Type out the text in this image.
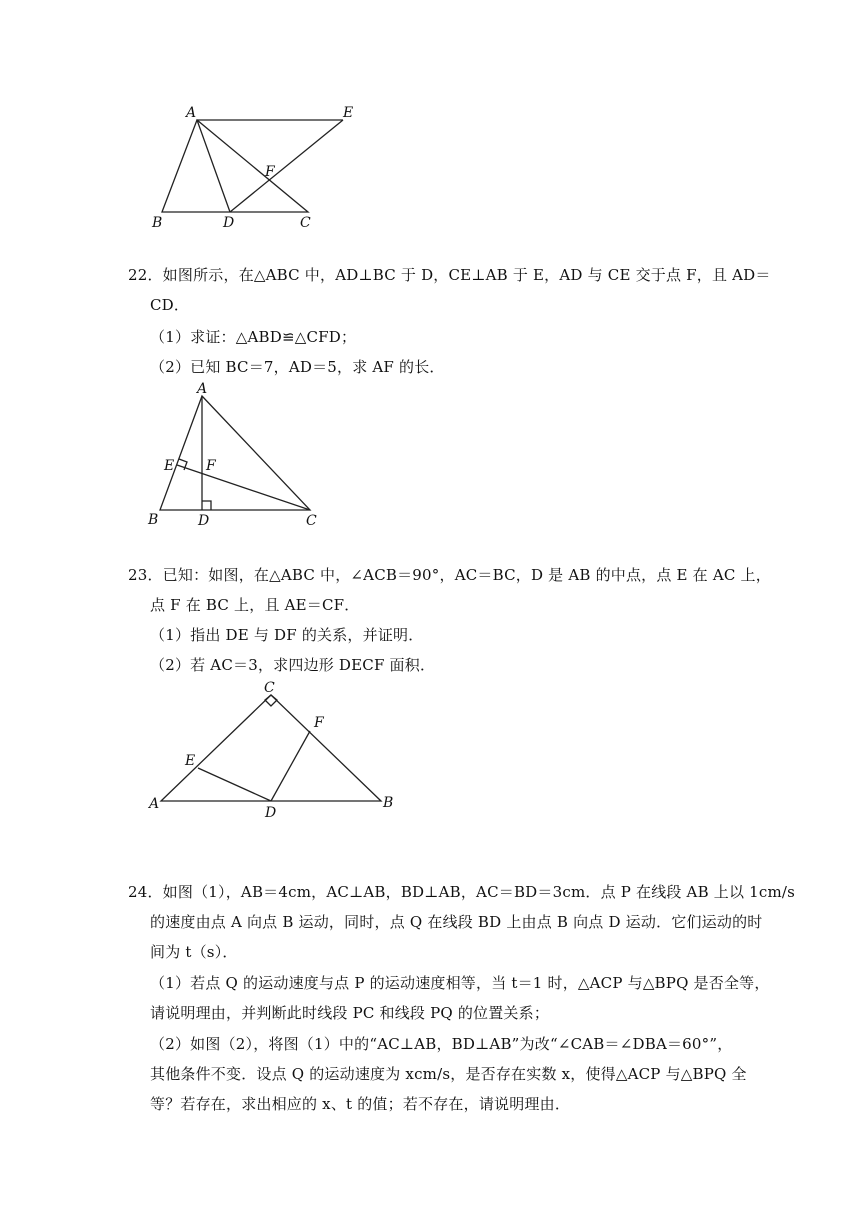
A	E
F
B	D	C
22．如图所示，在△ABC 中，AD⊥BC 于 D，CE⊥AB 于 E，AD 与 CE 交于点 F，且 AD＝
CD．
（1）求证：△ABD≌△CFD；
（2）已知 BC＝7，AD＝5，求 AF 的长．
A
E F
B	D	C
23．已知：如图，在△ABC 中，∠ACB＝90°，AC＝BC，D 是 AB 的中点，点 E 在 AC 上，
点 F 在 BC 上，且 AE＝CF．
（1）指出 DE 与 DF 的关系，并证明．
（2）若 AC＝3，求四边形 DECF 面积．
C
F
E
A
D
B
24．如图（1），AB＝4cm，AC⊥AB，BD⊥AB，AC＝BD＝3cm．点 P 在线段 AB 上以 1cm/s
的速度由点 A 向点 B 运动，同时，点 Q 在线段 BD 上由点 B 向点 D 运动．它们运动的时
间为 t（s）．
（1）若点 Q 的运动速度与点 P 的运动速度相等，当 t＝1 时，△ACP 与△BPQ 是否全等，
请说明理由，并判断此时线段 PC 和线段 PQ 的位置关系；
（2）如图（2），将图（1）中的“AC⊥AB，BD⊥AB”为改“∠CAB＝∠DBA＝60°”，
其他条件不变．设点 Q 的运动速度为 xcm/s，是否存在实数 x，使得△ACP 与△BPQ 全
等？若存在，求出相应的 x、t 的值；若不存在，请说明理由．
